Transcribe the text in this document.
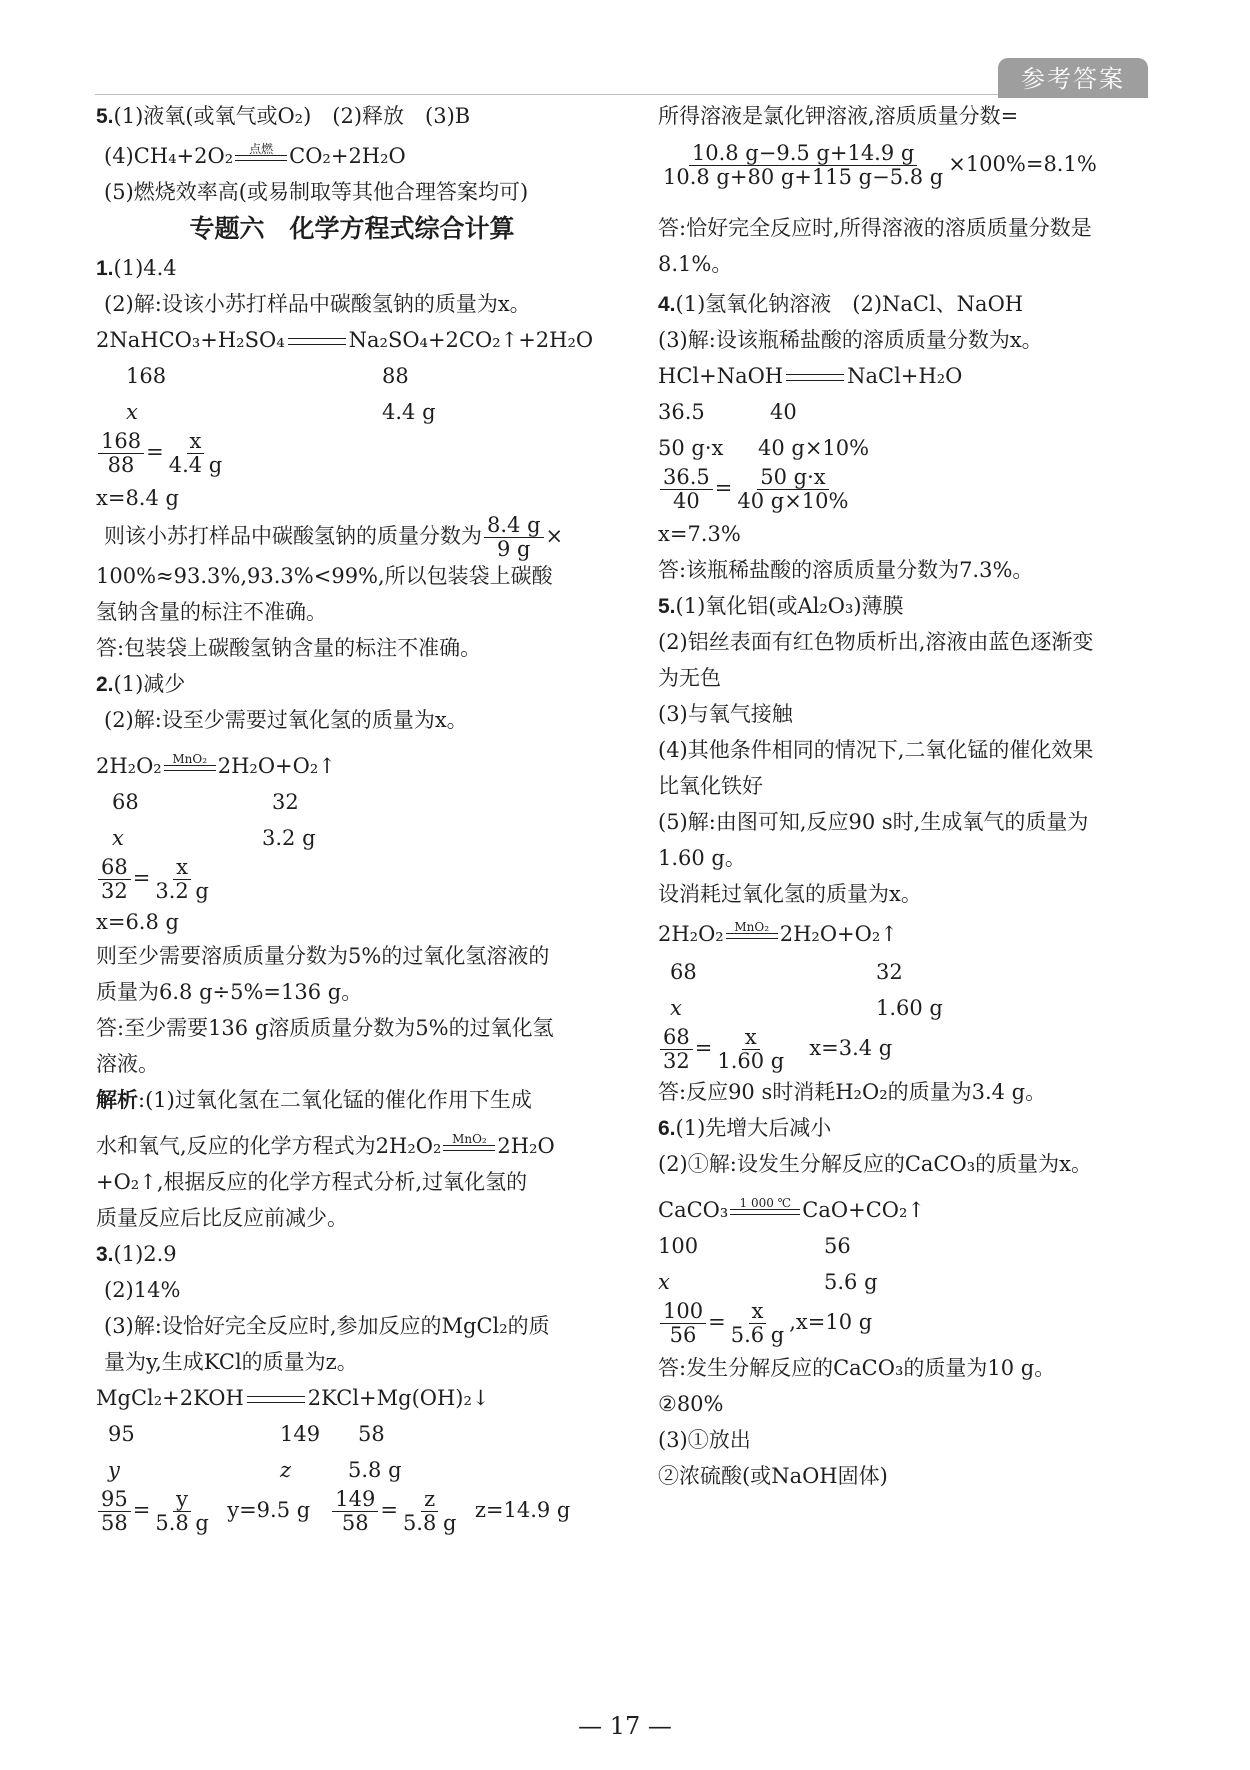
参考答案
5.(1)液氧(或氧气或O₂)　(2)释放　(3)B
(4)CH₄+2O₂ 点燃 CO₂+2H₂O
(5)燃烧效率高(或易制取等其他合理答案均可)
专题六　化学方程式综合计算
1.(1)4.4
(2)解:设该小苏打样品中碳酸氢钠的质量为x。
2NaHCO₃+H₂SO₄	Na₂SO₄+2CO₂↑+2H₂O
168	88
x	4.4 g
$\frac{168}{88} = \frac{x}{4.4 g}$
x=8.4 g
则该小苏打样品中碳酸氢钠的质量分数为 $\frac{8.4 g}{9 g}$ ×
100%≈93.3%,93.3%<99%,所以包装袋上碳酸
氢钠含量的标注不准确。
答:包装袋上碳酸氢钠含量的标注不准确。
2.(1)减少
(2)解:设至少需要过氧化氢的质量为x。
2H₂O₂ MnO₂ 2H₂O+O₂↑
68	32
x	3.2 g
$\frac{68}{32} = \frac{x}{3.2 g}$
x=6.8 g
则至少需要溶质质量分数为5%的过氧化氢溶液的
质量为6.8 g÷5%=136 g。
答:至少需要136 g溶质质量分数为5%的过氧化氢
溶液。
解析:(1)过氧化氢在二氧化锰的催化作用下生成
水和氧气,反应的化学方程式为2H₂O₂ MnO₂ 2H₂O
+O₂↑,根据反应的化学方程式分析,过氧化氢的
质量反应后比反应前减少。
3.(1)2.9
(2)14%
(3)解:设恰好完全反应时,参加反应的MgCl₂的质
量为y,生成KCl的质量为z。
MgCl₂+2KOH	2KCl+Mg(OH)₂↓
95	149 58
y	z	5.8 g
$\frac{95}{58} = \frac{y}{5.8 g} y=9.5$ g $\frac{149}{58} = \frac{z}{5.8 g} z=14.9$ g
所得溶液是氯化钾溶液,溶质质量分数=
$\frac{10.8 g-9.5 g+14.9 g}{10.8 g+80 g+115 g-5.8 g} \times 100\%=8.1\%$
答:恰好完全反应时,所得溶液的溶质质量分数是
8.1%。
4.(1)氢氧化钠溶液　(2)NaCl、NaOH
(3)解:设该瓶稀盐酸的溶质质量分数为x。
HCl+NaOH	NaCl+H₂O
36.5	40
50 g·x 40 g×10%
$\frac{36.5}{40} = \frac{50 g\cdot x}{40 g\times 10\%}$
x=7.3%
答:该瓶稀盐酸的溶质质量分数为7.3%。
5.(1)氧化铝(或Al₂O₃)薄膜
(2)铝丝表面有红色物质析出,溶液由蓝色逐渐变
为无色
(3)与氧气接触
(4)其他条件相同的情况下,二氧化锰的催化效果
比氧化铁好
(5)解:由图可知,反应90 s时,生成氧气的质量为
1.60 g。
设消耗过氧化氢的质量为x。
2H₂O₂ MnO₂ 2H₂O+O₂↑
68	32
x	1.60 g
$\frac{68}{32} = \frac{x}{1.60 g} x=3.4$ g
答:反应90 s时消耗H₂O₂的质量为3.4 g。
6.(1)先增大后减小
(2)①解:设发生分解反应的CaCO₃的质量为x。
CaCO₃ 1 000 ℃ CaO+CO₂↑
100	56
x	5.6 g
$\frac{100}{56} = \frac{x}{5.6 g} ,x=10$ g
答:发生分解反应的CaCO₃的质量为10 g。
②80%
(3)①放出
②浓硫酸(或NaOH固体)
— 17 —
